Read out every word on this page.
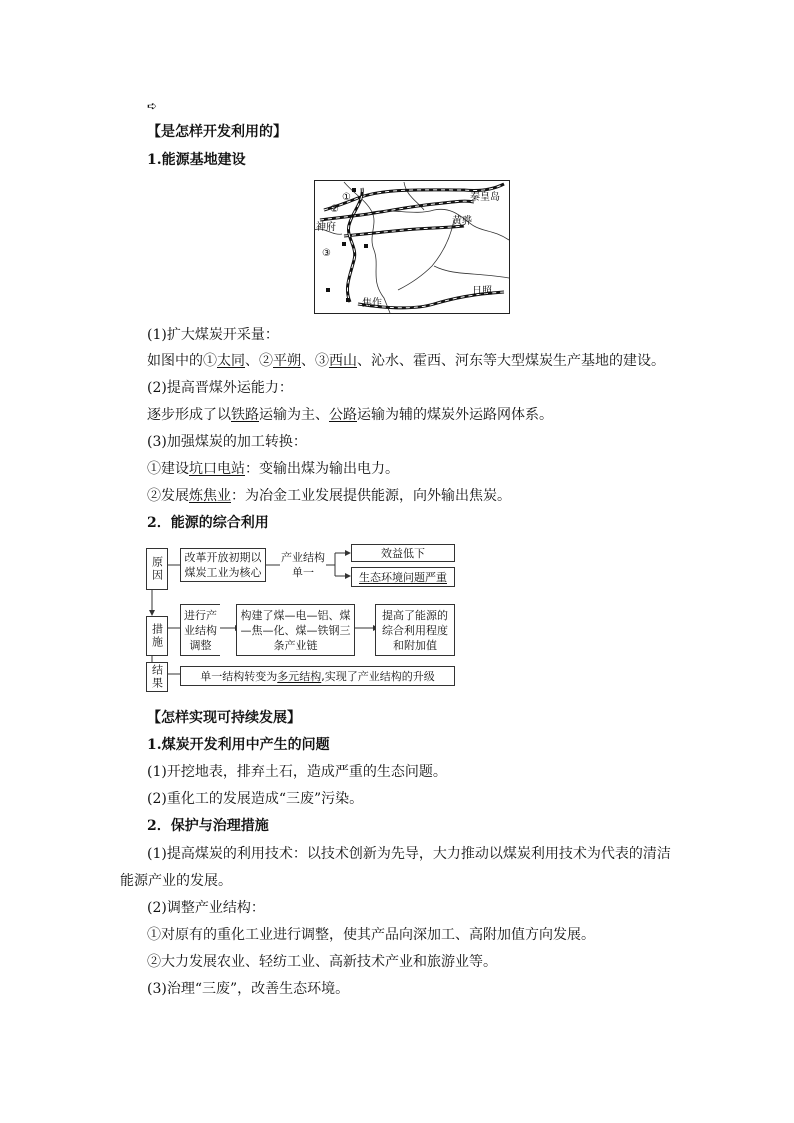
➪
【是怎样开发利用的】
1.能源基地建设
①
②
③
神府
秦皇岛
黄骅
日照
焦作
(1)扩大煤炭开采量：
如图中的①太同、②平朔、③西山、沁水、霍西、河东等大型煤炭生产基地的建设。
(2)提高晋煤外运能力：
逐步形成了以铁路运输为主、公路运输为辅的煤炭外运路网体系。
(3)加强煤炭的加工转换：
①建设坑口电站：变输出煤为输出电力。
②发展炼焦业：为冶金工业发展提供能源，向外输出焦炭。
2．能源的综合利用
原因	改革开放初期以煤炭工业为核心
产业结构单一
效益低下
生态环境问题严重
措施
进行产业结构调整
构建了煤—电—铝、煤—焦—化、煤—铁钢三条产业链
提高了能源的综合利用程度和附加值
结果	单一结构转变为 多元结构 ,实现了产业结构的升级
【怎样实现可持续发展】
1.煤炭开发利用中产生的问题
(1)开挖地表，排弃土石，造成严重的生态问题。
(2)重化工的发展造成“三废”污染。
2．保护与治理措施
(1)提高煤炭的利用技术：以技术创新为先导，大力推动以煤炭利用技术为代表的清洁
能源产业的发展。
(2)调整产业结构：
①对原有的重化工业进行调整，使其产品向深加工、高附加值方向发展。
②大力发展农业、轻纺工业、高新技术产业和旅游业等。
(3)治理“三废”，改善生态环境。
